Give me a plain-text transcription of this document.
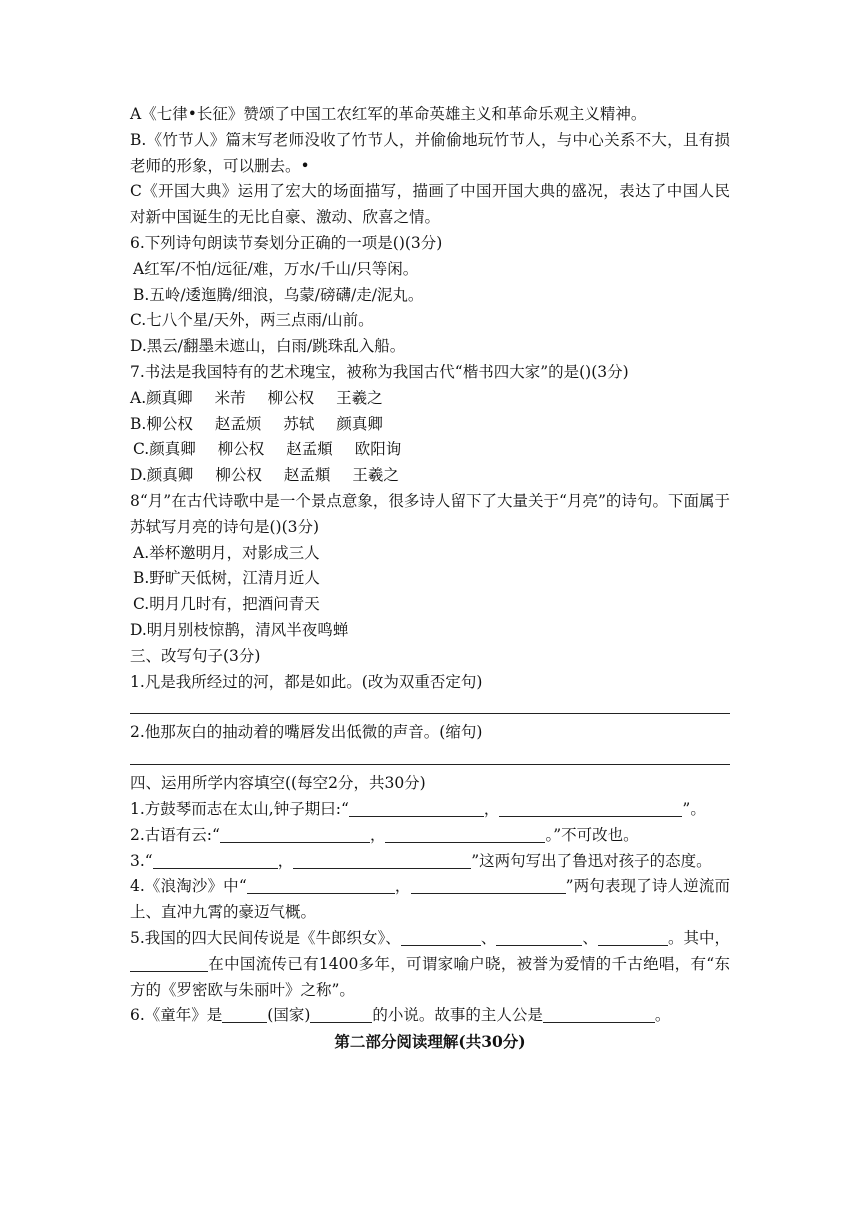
A《七律•长征》赞颂了中国工农红军的革命英雄主义和革命乐观主义精神。
B.《竹节人》篇末写老师没收了竹节人，并偷偷地玩竹节人，与中心关系不大，且有损老师的形象，可以删去。•
C《开国大典》运用了宏大的场面描写，描画了中国开国大典的盛况，表达了中国人民对新中国诞生的无比自豪、激动、欣喜之情。
6.下列诗句朗读节奏划分正确的一项是()(3分)
A红军/不怕/远征/难，万水/千山/只等闲。
B.五岭/逶迤腾/细浪，乌蒙/磅礴/走/泥丸。
C.七八个星/天外，两三点雨/山前。
D.黑云/翻墨未遮山，白雨/跳珠乱入船。
7.书法是我国特有的艺术瑰宝，被称为我国古代“楷书四大家”的是()(3分)
A.颜真卿 米芾 柳公权 王羲之
B.柳公权 赵孟烦 苏轼 颜真卿
C.颜真卿 柳公权 赵孟頫 欧阳询
D.颜真卿 柳公权 赵孟頫 王羲之
8“月”在古代诗歌中是一个景点意象，很多诗人留下了大量关于“月亮”的诗句。下面属于苏轼写月亮的诗句是()(3分)
A.举杯邀明月，对影成三人
B.野旷天低树，江清月近人
C.明月几时有，把酒问青天
D.明月别枝惊鹊，清风半夜鸣蝉
三、改写句子(3分)
1.凡是我所经过的河，都是如此。(改为双重否定句)
2.他那灰白的抽动着的嘴唇发出低微的声音。(缩句)
四、运用所学内容填空((每空2分，共30分)
1.方鼓琴而志在太山,钟子期曰:“	，	”。
2.古语有云:“	，	。”不可改也。
3.“	，	”这两句写出了鲁迅对孩子的态度。
4.《浪淘沙》中“	，	”两句表现了诗人逆流而上、直冲九霄的豪迈气概。
5.我国的四大民间传说是《牛郎织女》、	、	、	。其中，在中国流传已有1400多年，可谓家喻户晓，被誉为爱情的千古绝唱，有“东方的《罗密欧与朱丽叶》之称”。
6.《童年》是	(国家)	的小说。故事的主人公是	。
第二部分阅读理解(共30分)
